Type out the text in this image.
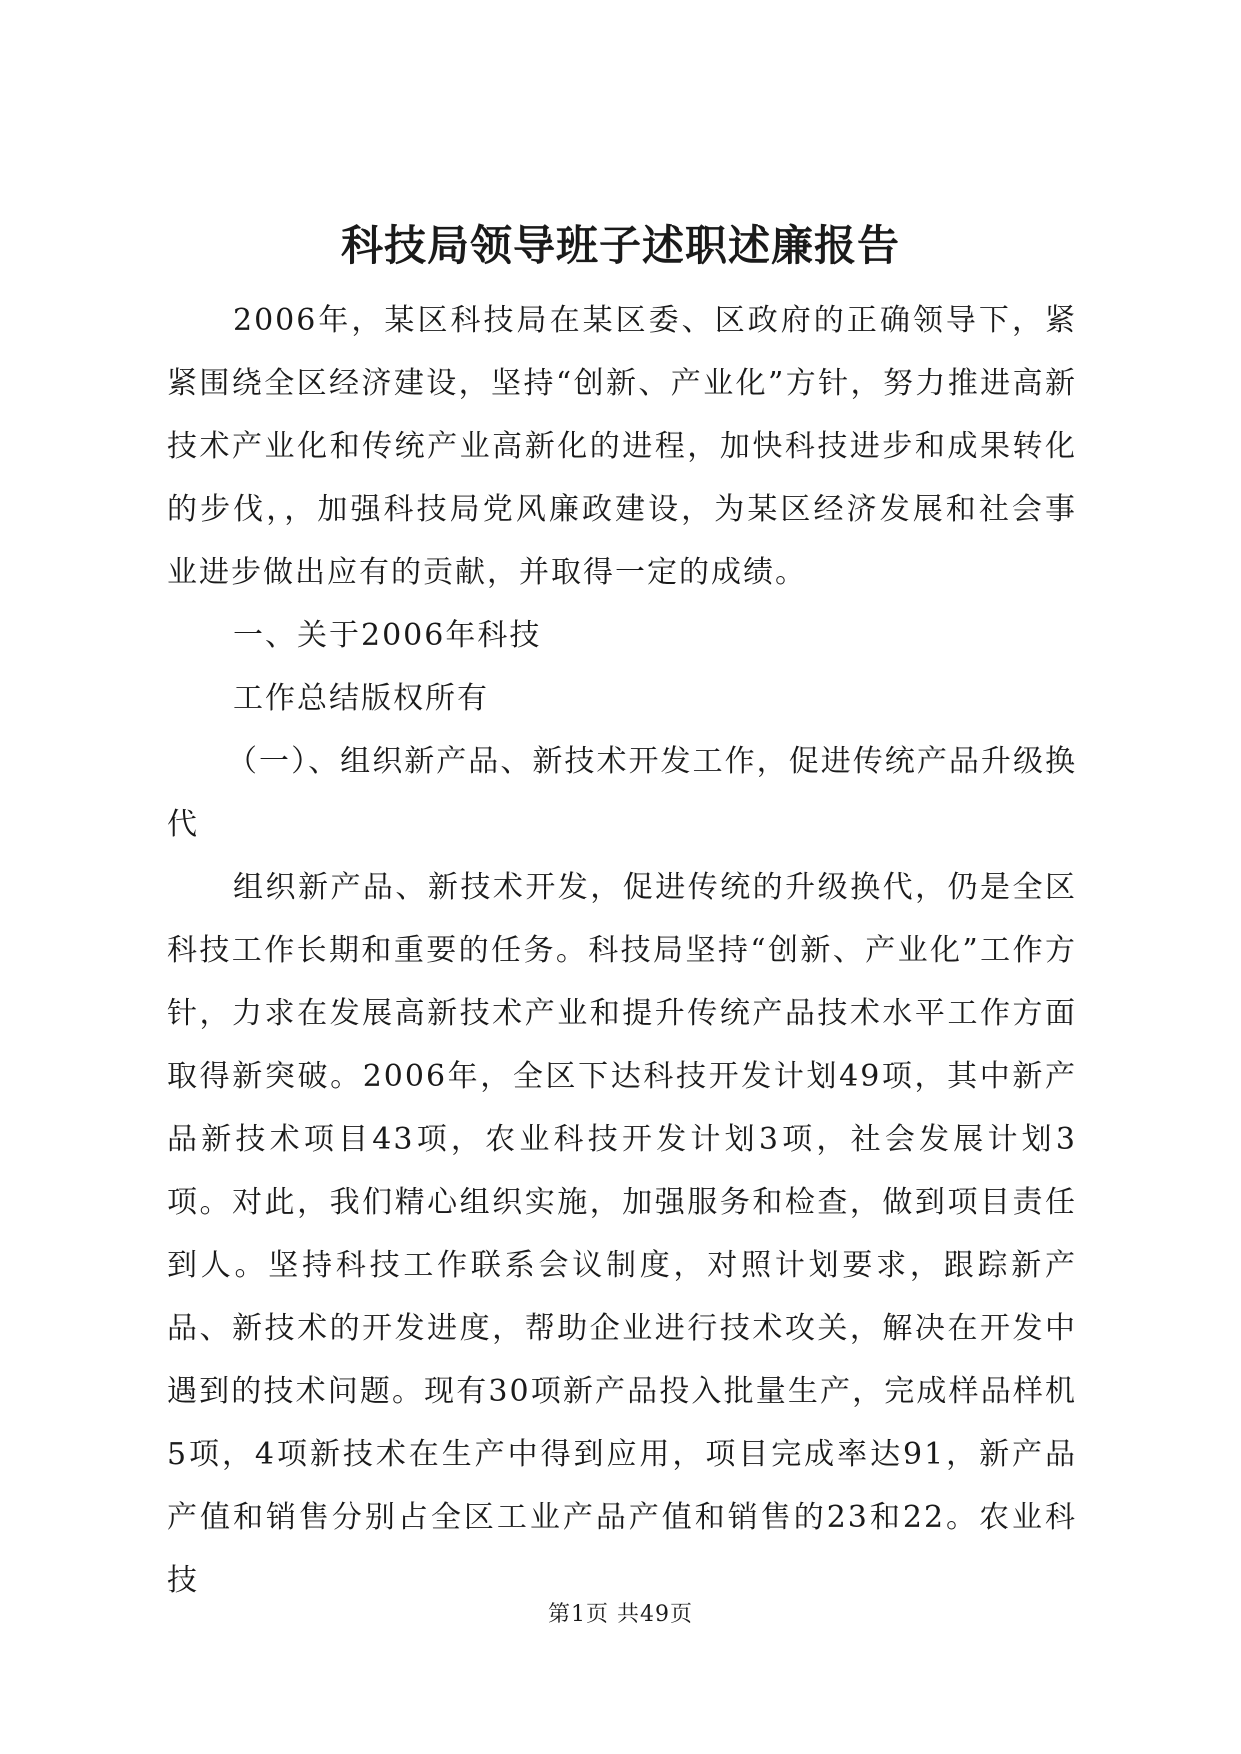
科技局领导班子述职述廉报告

2006年，某区科技局在某区委、区政府的正确领导下，紧紧围绕全区经济建设，坚持“创新、产业化”方针，努力推进高新技术产业化和传统产业高新化的进程，加快科技进步和成果转化的步伐，，加强科技局党风廉政建设，为某区经济发展和社会事业进步做出应有的贡献，并取得一定的成绩。

一、关于2006年科技

工作总结版权所有

（一）、组织新产品、新技术开发工作，促进传统产品升级换代

组织新产品、新技术开发，促进传统的升级换代，仍是全区科技工作长期和重要的任务。科技局坚持“创新、产业化”工作方针，力求在发展高新技术产业和提升传统产品技术水平工作方面取得新突破。2006年，全区下达科技开发计划49项，其中新产品新技术项目43项，农业科技开发计划3项，社会发展计划3项。对此，我们精心组织实施，加强服务和检查，做到项目责任到人。坚持科技工作联系会议制度，对照计划要求，跟踪新产品、新技术的开发进度，帮助企业进行技术攻关，解决在开发中遇到的技术问题。现有30项新产品投入批量生产，完成样品样机5项，4项新技术在生产中得到应用，项目完成率达91，新产品产值和销售分别占全区工业产品产值和销售的23和22。农业科技

第1页 共49页
